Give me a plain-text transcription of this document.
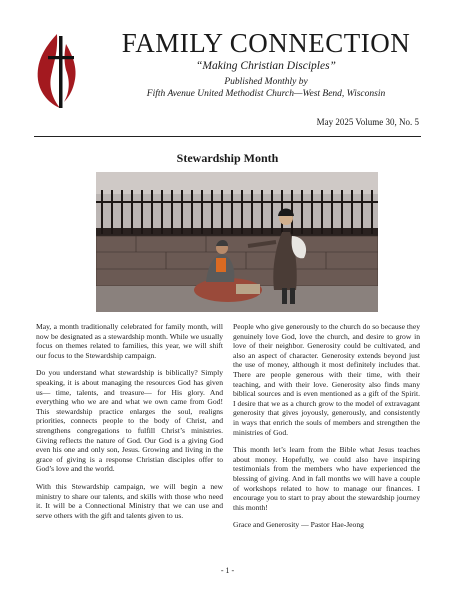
FAMILY CONNECTION
“Making Christian Disciples”
Published Monthly by
Fifth Avenue United Methodist Church—West Bend, Wisconsin
May 2025 Volume 30, No. 5
Stewardship Month

May, a month traditionally celebrated for family month, will now be designated as a stewardship month. While we usually focus on themes related to families, this year, we will shift our focus to the Stewardship campaign.

Do you understand what stewardship is biblically? Simply speaking, it is about managing the resources God has given us— time, talents, and treasure— for His glory. And everything who we are and what we own came from God! This stewardship practice enlarges the soul, realigns priorities, connects people to the body of Christ, and strengthens congregations to fulfill Christ’s ministries. Giving reflects the nature of God. Our God is a giving God even his one and only son, Jesus. Growing and living in the grace of giving is a response Christian disciples offer to God’s love and the world.

With this Stewardship campaign, we will begin a new ministry to share our talents, and skills with those who need it. It will be a Connectional Ministry that we can use and serve others with the gift and talents given to us.

People who give generously to the church do so because they genuinely love God, love the church, and desire to grow in love of their neighbor. Generosity could be cultivated, and also an aspect of character. Generosity extends beyond just the use of money, although it most definitely includes that. There are people generous with their time, with their teaching, and with their love. Generosity also finds many biblical sources and is even mentioned as a gift of the Spirit. I desire that we as a church grow to the model of extravagant generosity that gives joyously, generously, and consistently in ways that enrich the souls of members and strengthen the ministries of God.

This month let’s learn from the Bible what Jesus teaches about money. Hopefully, we could also have inspiring testimonials from the members who have experienced the blessing of giving. And in fall months we will have a couple of workshops related to how to manage our finances. I encourage you to start to pray about the stewardship journey this month!

Grace and Generosity — Pastor Hae-Jeong

- 1 -
